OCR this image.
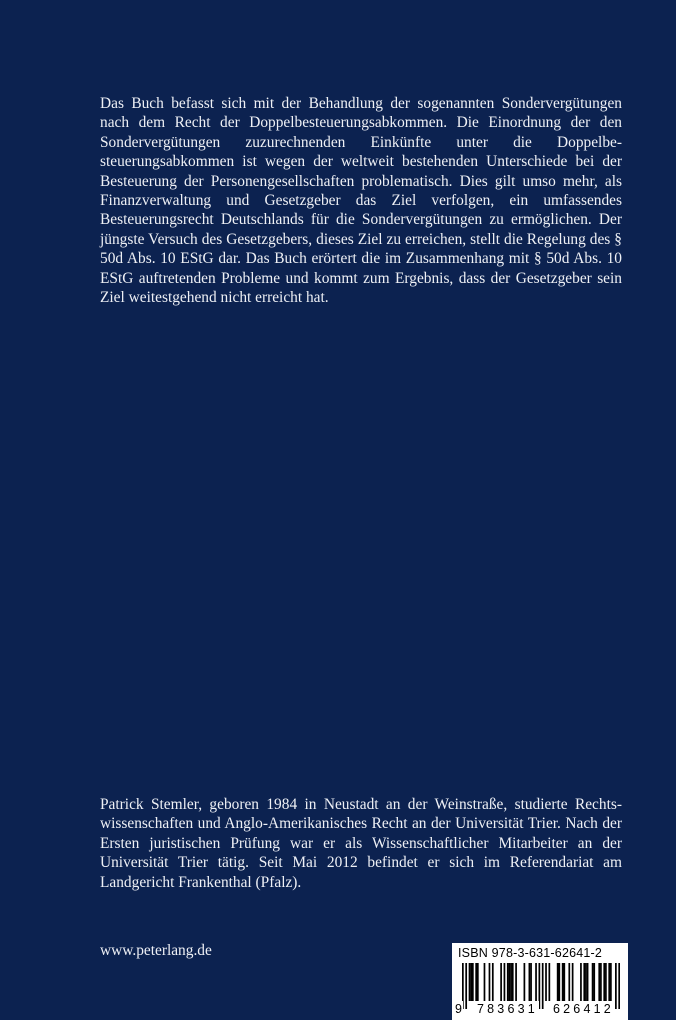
Das Buch befasst sich mit der Behandlung der sogenannten Sondervergütungen nach dem Recht der Doppelbesteuerungsabkommen. Die Einordnung der den Sondervergütungen zuzurechnenden Einkünfte unter die Doppelbesteuerungsabkommen ist wegen der weltweit bestehenden Unterschiede bei der Besteuerung der Personengesellschaften problematisch. Dies gilt umso mehr, als Finanzverwaltung und Gesetzgeber das Ziel verfolgen, ein umfassendes Besteuerungsrecht Deutschlands für die Sondervergütungen zu ermöglichen. Der jüngste Versuch des Gesetzgebers, dieses Ziel zu erreichen, stellt die Regelung des § 50d Abs. 10 EStG dar. Das Buch erörtert die im Zusammenhang mit § 50d Abs. 10 EStG auftretenden Probleme und kommt zum Ergebnis, dass der Gesetzgeber sein Ziel weitestgehend nicht erreicht hat.

Patrick Stemler, geboren 1984 in Neustadt an der Weinstraße, studierte Rechtswissenschaften und Anglo-Amerikanisches Recht an der Universität Trier. Nach der Ersten juristischen Prüfung war er als Wissenschaftlicher Mitarbeiter an der Universität Trier tätig. Seit Mai 2012 befindet er sich im Referendariat am Landgericht Frankenthal (Pfalz).

www.peterlang.de	ISBN 978-3-631-62641-2
9 783631 626412
